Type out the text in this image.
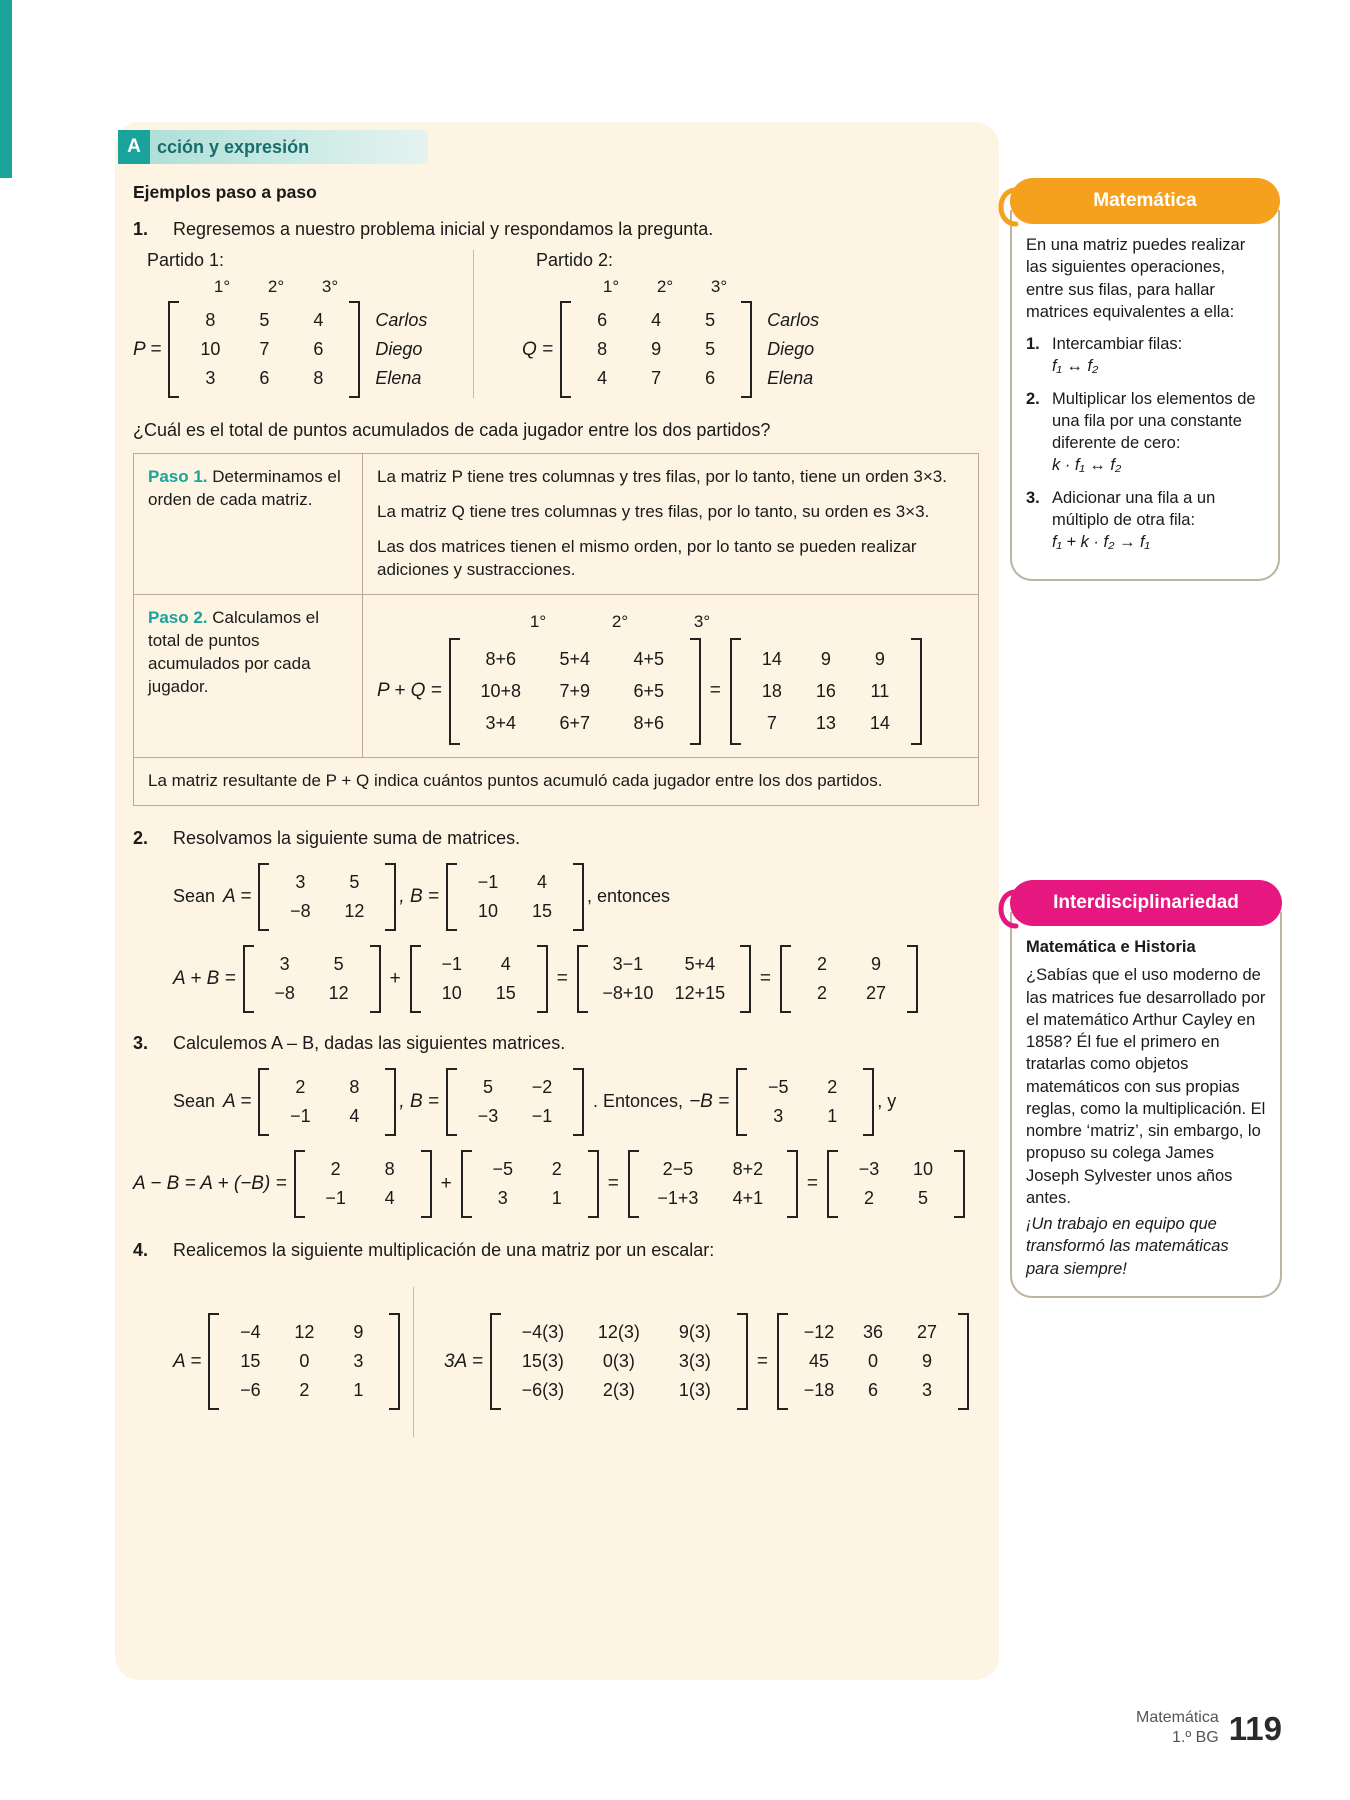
A cción y expresión
Ejemplos paso a paso
1.	Regresemos a nuestro problema inicial y respondamos la pregunta.
Partido 1:
1°	2°	3°
P =
8	5	4
10	7	6
3	6	8
Carlos
Diego
Elena
Partido 2:
1°	2°	3°
Q =
6	4	5
8	9	5
4	7	6
Carlos
Diego
Elena
¿Cuál es el total de puntos acumulados de cada jugador entre los dos partidos?
Paso 1. Determinamos el orden de cada matriz.	La matriz P tiene tres columnas y tres filas, por lo tanto, tiene un orden 3×3.

La matriz Q tiene tres columnas y tres filas, por lo tanto, su orden es 3×3.

Las dos matrices tienen el mismo orden, por lo tanto se pueden realizar adiciones y sustracciones.

Paso 2. Calculamos el total de puntos acumulados por cada jugador.	
1°	2°	3°
P + Q =
8+6	5+4	4+5
10+8	7+9	6+5
3+4	6+7	8+6
=
14	9	9
18	16	11
7	13	14

La matriz resultante de P + Q indica cuántos puntos acumuló cada jugador entre los dos partidos.	
2.	Resolvamos la siguiente suma de matrices.
Sean A =
3	5
−8	12
, B =
−1	4
10	15
, entonces
A + B =
3	5
−8	12
+
−1	4
10	15
=
3−1	5+4
−8+10	12+15
=
2	9
2	27
3.	Calculemos A – B, dadas las siguientes matrices.
Sean A =
2	8
−1	4
, B =
5	−2
−3	−1
. Entonces, −B =
−5	2
3	1
, y
A − B = A + (−B) =
2	8
−1	4
+
−5	2
3	1
=
2−5	8+2
−1+3	4+1
=
−3	10
2	5
4.	Realicemos la siguiente multiplicación de una matriz por un escalar:
A =
−4	12	9
15	0	3
−6	2	1
3A =
−4(3)	12(3)	9(3)
15(3)	0(3)	3(3)
−6(3)	2(3)	1(3)
=
−12	36	27
45	0	9
−18	6	3
Matemática
En una matriz puedes realizar las siguientes operaciones, entre sus filas, para hallar matrices equivalentes a ella:
1. Intercambiar filas:
f₁ ↔ f₂
2. Multiplicar los elementos de una fila por una constante diferente de cero:
k · f₁ ↔ f₂
3. Adicionar una fila a un múltiplo de otra fila:
f₁ + k · f₂ → f₁
Interdisciplinariedad
Matemática e Historia
¿Sabías que el uso moderno de las matrices fue desarrollado por el matemático Arthur Cayley en 1858? Él fue el primero en tratarlas como objetos matemáticos con sus propias reglas, como la multiplicación. El nombre ‘matriz’, sin embargo, lo propuso su colega James Joseph Sylvester unos años antes.
¡Un trabajo en equipo que transformó las matemáticas para siempre!
Matemática
1.º BG 119
